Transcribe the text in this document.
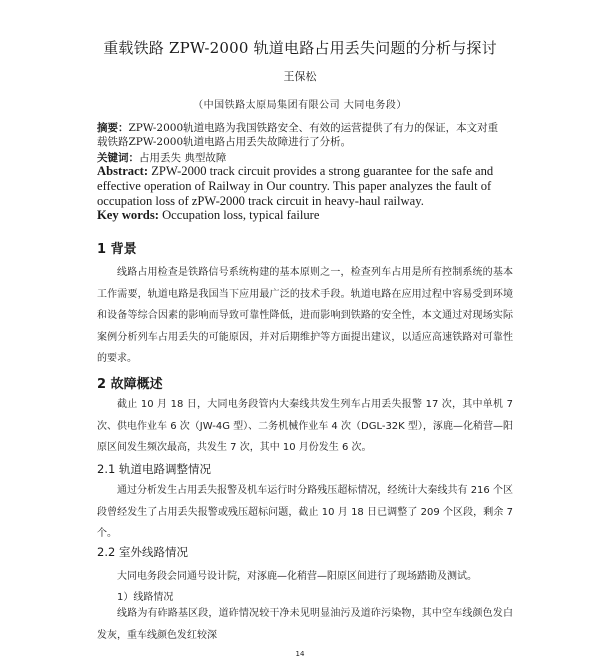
重载铁路 ZPW-2000 轨道电路占用丢失问题的分析与探讨
王保松
（中国铁路太原局集团有限公司 大同电务段）
摘要：ZPW-2000轨道电路为我国铁路安全、有效的运营提供了有力的保证，本文对重载铁路ZPW-2000轨道电路占用丢失故障进行了分析。
关键词：占用丢失 典型故障
Abstract: ZPW-2000 track circuit provides a strong guarantee for the safe and effective operation of Railway in Our country. This paper analyzes the fault of occupation loss of zPW-2000 track circuit in heavy-haul railway.
Key words: Occupation loss, typical failure
1 背景
线路占用检查是铁路信号系统构建的基本原则之一，检查列车占用是所有控制系统的基本工作需要，轨道电路是我国当下应用最广泛的技术手段。轨道电路在应用过程中容易受到环境和设备等综合因素的影响而导致可靠性降低，进而影响到铁路的安全性，本文通过对现场实际案例分析列车占用丢失的可能原因，并对后期维护等方面提出建议，以适应高速铁路对可靠性的要求。
2 故障概述
截止 10 月 18 日，大同电务段管内大秦线共发生列车占用丢失报警 17 次，其中单机 7 次、供电作业车 6 次（JW-4G 型）、二务机械作业车 4 次（DGL-32K 型），涿鹿—化稍营—阳原区间发生频次最高，共发生 7 次，其中 10 月份发生 6 次。
2.1 轨道电路调整情况
通过分析发生占用丢失报警及机车运行时分路残压超标情况，经统计大秦线共有 216 个区段曾经发生了占用丢失报警或残压超标问题，截止 10 月 18 日已调整了 209 个区段，剩余 7 个。
2.2 室外线路情况
大同电务段会同通号设计院，对涿鹿—化稍营—阳原区间进行了现场踏勘及测试。
1）线路情况
线路为有砟路基区段，道砟情况较干净未见明显油污及道砟污染物，其中空车线颜色发白发灰，重车线颜色发红较深
14
